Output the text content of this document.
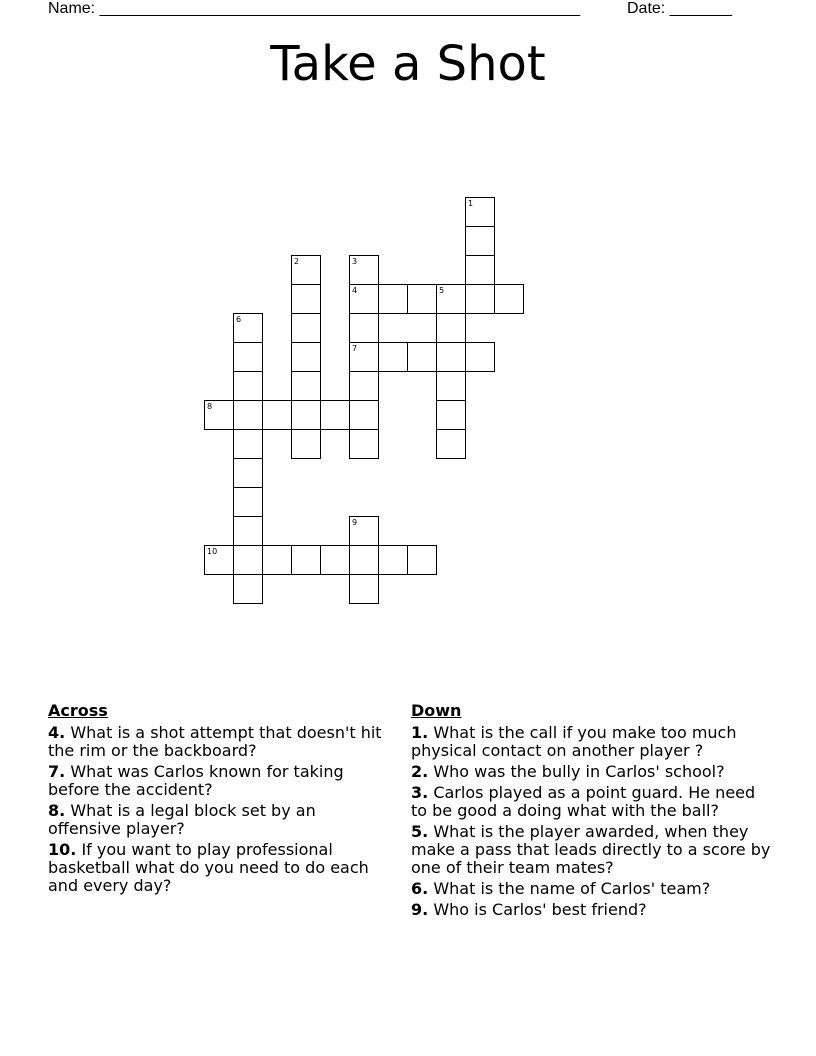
Name: ______________________________________________________	Date: _______
Take a Shot
1
2	3
4	5
6
7
8
9
10
Across
4. What is a shot attempt that doesn't hit the rim or the backboard?
7. What was Carlos known for taking before the accident?
8. What is a legal block set by an offensive player?
10. If you want to play professional basketball what do you need to do each and every day?
Down
1. What is the call if you make too much physical contact on another player ?
2. Who was the bully in Carlos' school?
3. Carlos played as a point guard. He need to be good a doing what with the ball?
5. What is the player awarded, when they make a pass that leads directly to a score by one of their team mates?
6. What is the name of Carlos' team?
9. Who is Carlos' best friend?
